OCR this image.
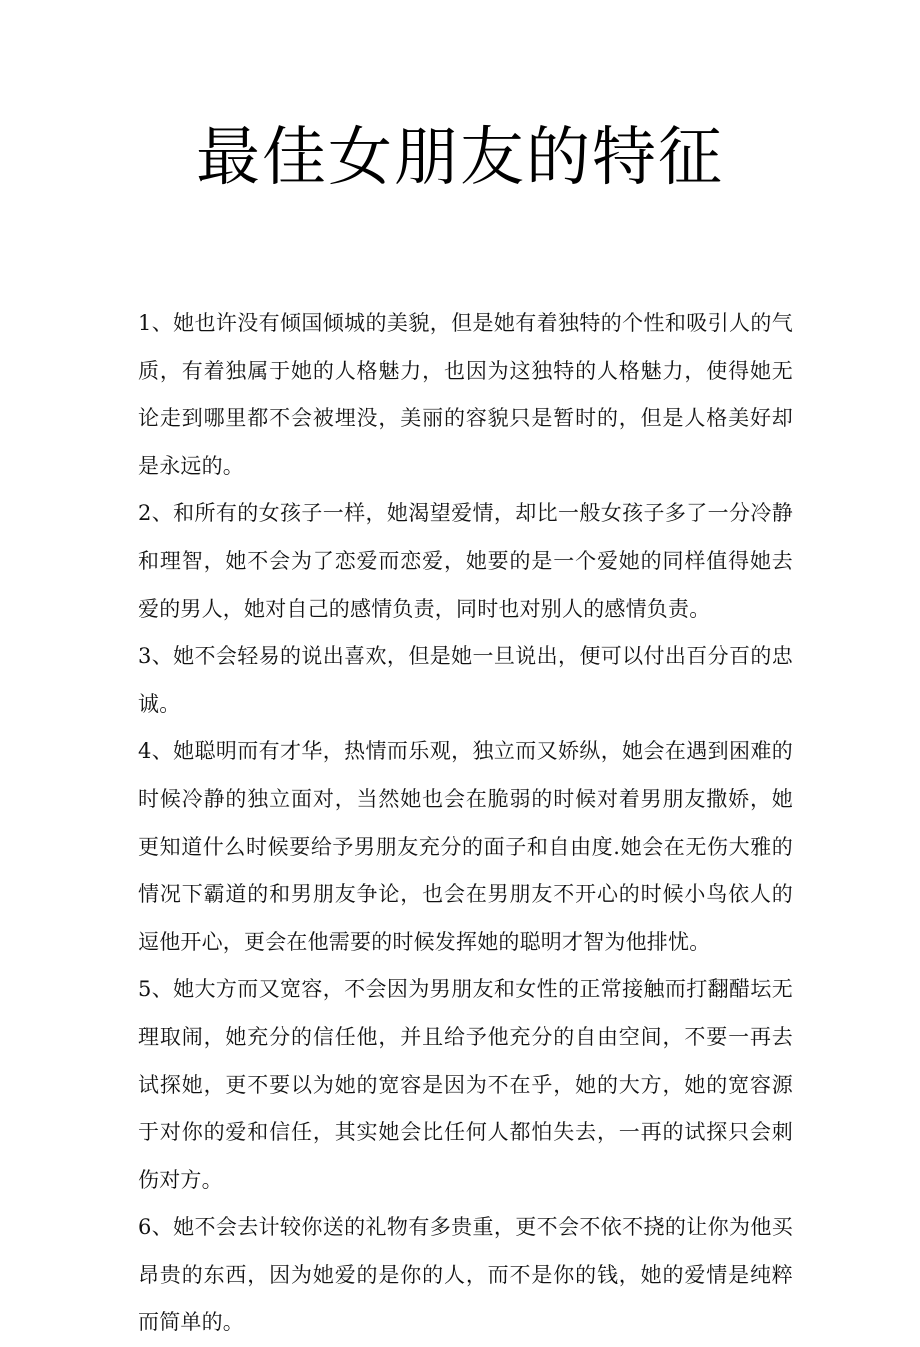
最佳女朋友的特征

1、她也许没有倾国倾城的美貌，但是她有着独特的个性和吸引人的气质，有着独属于她的人格魅力，也因为这独特的人格魅力，使得她无论走到哪里都不会被埋没，美丽的容貌只是暂时的，但是人格美好却是永远的。

2、和所有的女孩子一样，她渴望爱情，却比一般女孩子多了一分冷静和理智，她不会为了恋爱而恋爱，她要的是一个爱她的同样值得她去爱的男人，她对自己的感情负责，同时也对别人的感情负责。

3、她不会轻易的说出喜欢，但是她一旦说出，便可以付出百分百的忠诚。

4、她聪明而有才华，热情而乐观，独立而又娇纵，她会在遇到困难的时候冷静的独立面对，当然她也会在脆弱的时候对着男朋友撒娇，她更知道什么时候要给予男朋友充分的面子和自由度.她会在无伤大雅的情况下霸道的和男朋友争论，也会在男朋友不开心的时候小鸟依人的逗他开心，更会在他需要的时候发挥她的聪明才智为他排忧。

5、她大方而又宽容，不会因为男朋友和女性的正常接触而打翻醋坛无理取闹，她充分的信任他，并且给予他充分的自由空间，不要一再去试探她，更不要以为她的宽容是因为不在乎，她的大方，她的宽容源于对你的爱和信任，其实她会比任何人都怕失去，一再的试探只会刺伤对方。

6、她不会去计较你送的礼物有多贵重，更不会不依不挠的让你为他买昂贵的东西，因为她爱的是你的人，而不是你的钱，她的爱情是纯粹而简单的。
